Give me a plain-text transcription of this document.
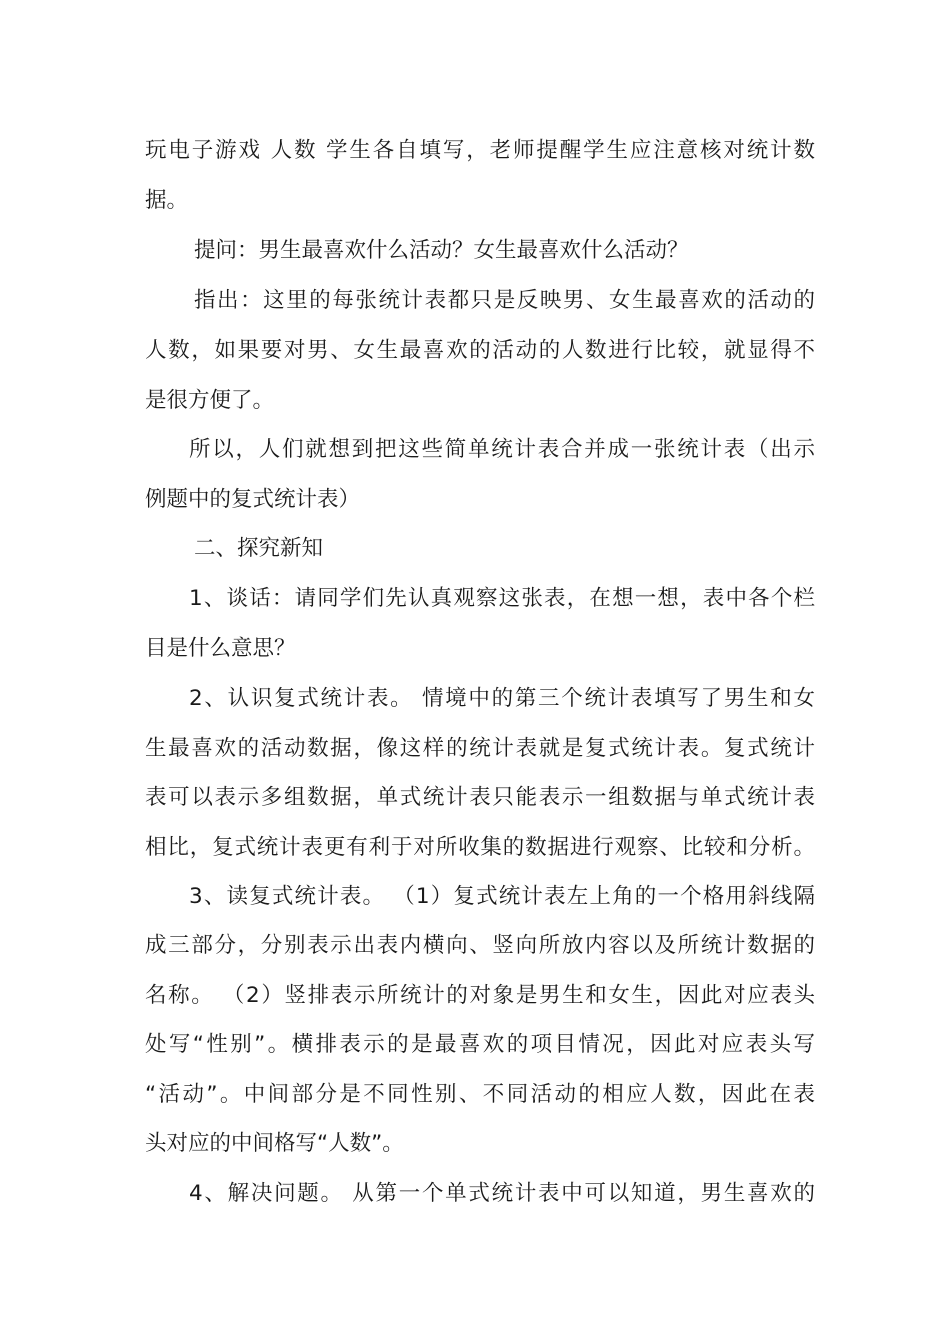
玩电子游戏 人数 学生各自填写，老师提醒学生应注意核对统计数
据。
提问：男生最喜欢什么活动？女生最喜欢什么活动？
指出：这里的每张统计表都只是反映男、女生最喜欢的活动的
人数，如果要对男、女生最喜欢的活动的人数进行比较，就显得不
是很方便了。
所以，人们就想到把这些简单统计表合并成一张统计表（出示
例题中的复式统计表）
二、探究新知
1、谈话：请同学们先认真观察这张表，在想一想，表中各个栏
目是什么意思？
2、认识复式统计表。 情境中的第三个统计表填写了男生和女
生最喜欢的活动数据，像这样的统计表就是复式统计表。复式统计
表可以表示多组数据，单式统计表只能表示一组数据与单式统计表
相比，复式统计表更有利于对所收集的数据进行观察、比较和分析。
3、读复式统计表。 （1）复式统计表左上角的一个格用斜线隔
成三部分，分别表示出表内横向、竖向所放内容以及所统计数据的
名称。 （2）竖排表示所统计的对象是男生和女生，因此对应表头
处写“性别”。横排表示的是最喜欢的项目情况，因此对应表头写
“活动”。中间部分是不同性别、不同活动的相应人数，因此在表
头对应的中间格写“人数”。
4、解决问题。 从第一个单式统计表中可以知道，男生喜欢的
